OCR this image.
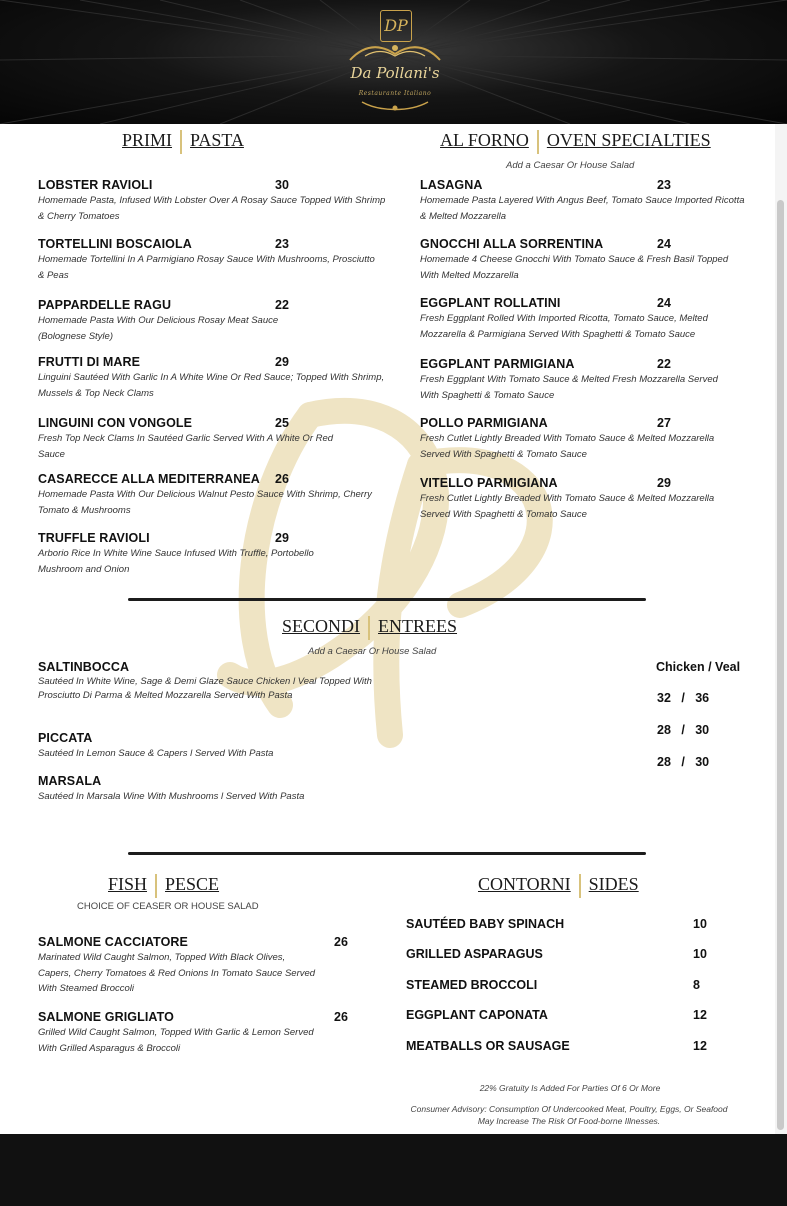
DP
Da Pollani's
Restaurante Italiano
PRIMI PASTA
LOBSTER RAVIOLI
Homemade Pasta, Infused With Lobster Over A Rosay Sauce Topped With Shrimp & Cherry Tomatoes
30
TORTELLINI BOSCAIOLA
Homemade Tortellini In A Parmigiano Rosay Sauce With Mushrooms, Prosciutto & Peas
23
PAPPARDELLE RAGU
Homemade Pasta With Our Delicious Rosay Meat Sauce (Bolognese Style)
22
FRUTTI DI MARE
Linguini Sautéed With Garlic In A White Wine Or Red Sauce; Topped With Shrimp, Mussels & Top Neck Clams
29
LINGUINI CON VONGOLE
Fresh Top Neck Clams In Sautéed Garlic Served With A White Or Red Sauce
25
CASARECCE ALLA MEDITERRANEA
Homemade Pasta With Our Delicious Walnut Pesto Sauce With Shrimp, Cherry Tomato & Mushrooms
26
TRUFFLE RAVIOLI
Arborio Rice In White Wine Sauce Infused With Truffle, Portobello Mushroom and Onion
29
AL FORNO OVEN SPECIALTIES
Add a Caesar Or House Salad
LASAGNA
Homemade Pasta Layered With Angus Beef, Tomato Sauce Imported Ricotta & Melted Mozzarella
23
GNOCCHI ALLA SORRENTINA
Homemade 4 Cheese Gnocchi With Tomato Sauce & Fresh Basil Topped With Melted Mozzarella
24
EGGPLANT ROLLATINI
Fresh Eggplant Rolled With Imported Ricotta, Tomato Sauce, Melted Mozzarella & Parmigiana Served With Spaghetti & Tomato Sauce
24
EGGPLANT PARMIGIANA
Fresh Eggplant With Tomato Sauce & Melted Fresh Mozzarella Served With Spaghetti & Tomato Sauce
22
POLLO PARMIGIANA
Fresh Cutlet Lightly Breaded With Tomato Sauce & Melted Mozzarella Served With Spaghetti & Tomato Sauce
27
VITELLO PARMIGIANA
Fresh Cutlet Lightly Breaded With Tomato Sauce & Melted Mozzarella Served With Spaghetti & Tomato Sauce
29
SECONDI ENTREES
Add a Caesar Or House Salad
Chicken / Veal
SALTINBOCCA
Sautéed In White Wine, Sage & Demi Glaze Sauce Chicken l Veal Topped With Prosciutto Di Parma & Melted Mozzarella Served With Pasta	32   /   36
PICCATA
Sautéed In Lemon Sauce & Capers l Served With Pasta
28   /   30
MARSALA
Sautéed In Marsala Wine With Mushrooms l Served With Pasta
28   /   30
FISH PESCE
CHOICE OF CEASER OR HOUSE SALAD
SALMONE CACCIATORE
Marinated Wild Caught Salmon, Topped With Black Olives, Capers, Cherry Tomatoes & Red Onions In Tomato Sauce Served With Steamed Broccoli
26
SALMONE GRIGLIATO
Grilled Wild Caught Salmon, Topped With Garlic & Lemon Served With Grilled Asparagus & Broccoli
26
CONTORNI SIDES
SAUTÉED BABY SPINACH	10
GRILLED ASPARAGUS	10
STEAMED BROCCOLI	8
EGGPLANT CAPONATA	12
MEATBALLS OR SAUSAGE	12
22% Gratuity Is Added For Parties Of 6 Or More
Consumer Advisory: Consumption Of Undercooked Meat, Poultry, Eggs, Or Seafood May Increase The Risk Of Food-borne Illnesses.
